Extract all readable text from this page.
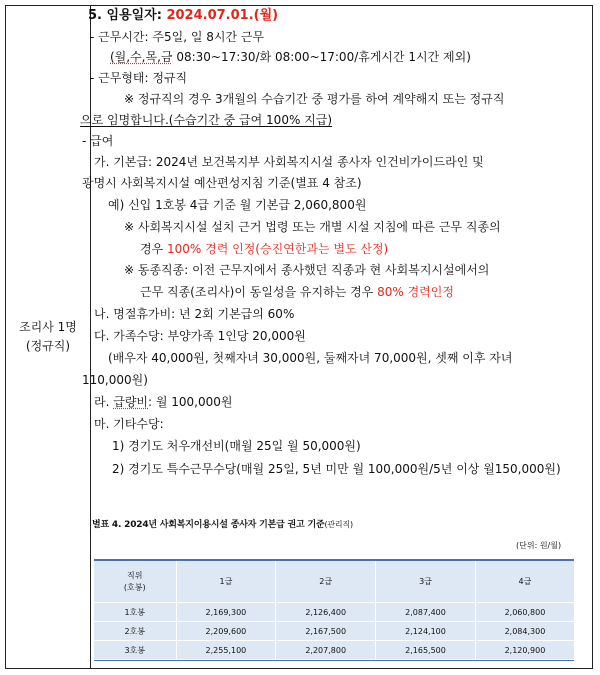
조리사 1명
(정규직)
5. 임용일자: 2024.07.01.(월)
- 근무시간: 주5일, 일 8시간 근무
(월,수,목,금 08:30~17:30/화 08:00~17:00/휴게시간 1시간 제외)
- 근무형태: 정규직
※ 정규직의 경우 3개월의 수습기간 중 평가를 하여 계약해지 또는 정규직
으로 임명합니다.(수습기간 중 급여 100% 지급)
- 급여
가. 기본급: 2024년 보건복지부 사회복지시설 종사자 인건비가이드라인 및
광명시 사회복지시설 예산편성지침 기준(별표 4 참조)
예) 신입 1호봉 4급 기준 월 기본급 2,060,800원
※ 사회복지시설 설치 근거 법령 또는 개별 시설 지침에 따른 근무 직종의
경우 100% 경력 인정(승진연한과는 별도 산정)
※ 동종직종: 이전 근무지에서 종사했던 직종과 현 사회복지시설에서의
근무 직종(조리사)이 동일성을 유지하는 경우 80% 경력인정
나. 명절휴가비: 년 2회 기본급의 60%
다. 가족수당: 부양가족 1인당 20,000원
(배우자 40,000원, 첫째자녀 30,000원, 둘째자녀 70,000원, 셋째 이후 자녀
110,000원)
라. 급량비: 월 100,000원
마. 기타수당:
1) 경기도 처우개선비(매월 25일 월 50,000원)
2) 경기도 특수근무수당(매월 25일, 5년 미만 월 100,000원/5년 이상 월150,000원)
별표 4. 2024년 사회복지이용시설 종사자 기본급 권고 기준(관리직)
(단위: 원/월)
직위
(호봉)	1급	2급	3급	4급
1호봉	2,169,300	2,126,400	2,087,400	2,060,800
2호봉	2,209,600	2,167,500	2,124,100	2,084,300
3호봉	2,255,100	2,207,800	2,165,500	2,120,900
